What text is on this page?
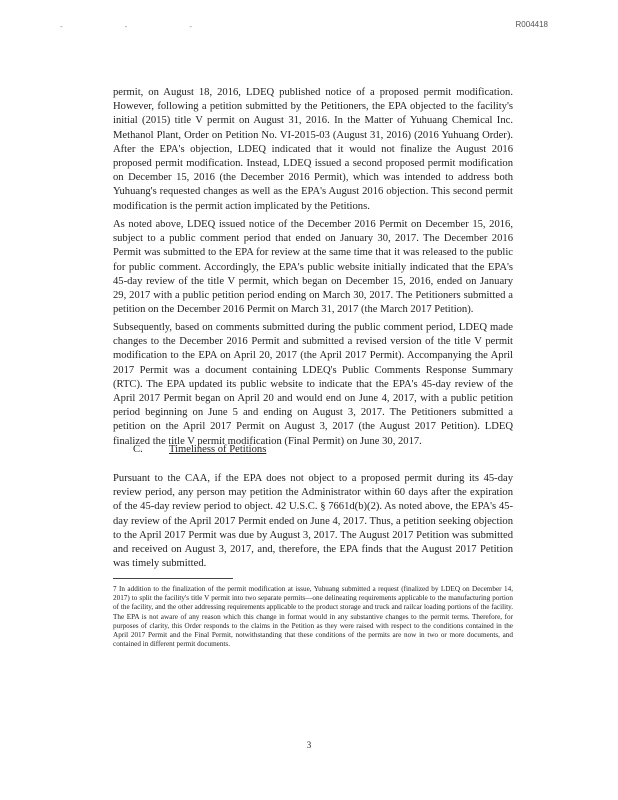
- - -	R004418

permit, on August 18, 2016, LDEQ published notice of a proposed permit modification. However, following a petition submitted by the Petitioners, the EPA objected to the facility's initial (2015) title V permit on August 31, 2016. In the Matter of Yuhuang Chemical Inc. Methanol Plant, Order on Petition No. VI-2015-03 (August 31, 2016) (2016 Yuhuang Order). After the EPA's objection, LDEQ indicated that it would not finalize the August 2016 proposed permit modification. Instead, LDEQ issued a second proposed permit modification on December 15, 2016 (the December 2016 Permit), which was intended to address both Yuhuang's requested changes as well as the EPA's August 2016 objection. This second permit modification is the permit action implicated by the Petitions.

As noted above, LDEQ issued notice of the December 2016 Permit on December 15, 2016, subject to a public comment period that ended on January 30, 2017. The December 2016 Permit was submitted to the EPA for review at the same time that it was released to the public for public comment. Accordingly, the EPA's public website initially indicated that the EPA's 45-day review of the title V permit, which began on December 15, 2016, ended on January 29, 2017 with a public petition period ending on March 30, 2017. The Petitioners submitted a petition on the December 2016 Permit on March 31, 2017 (the March 2017 Petition).

Subsequently, based on comments submitted during the public comment period, LDEQ made changes to the December 2016 Permit and submitted a revised version of the title V permit modification to the EPA on April 20, 2017 (the April 2017 Permit). Accompanying the April 2017 Permit was a document containing LDEQ's Public Comments Response Summary (RTC). The EPA updated its public website to indicate that the EPA's 45-day review of the April 2017 Permit began on April 20 and would end on June 4, 2017, with a public petition period beginning on June 5 and ending on August 3, 2017. The Petitioners submitted a petition on the April 2017 Permit on August 3, 2017 (the August 2017 Petition). LDEQ finalized the title V permit modification (Final Permit) on June 30, 2017.

C. Timeliness of Petitions

Pursuant to the CAA, if the EPA does not object to a proposed permit during its 45-day review period, any person may petition the Administrator within 60 days after the expiration of the 45-day review period to object. 42 U.S.C. § 7661d(b)(2). As noted above, the EPA's 45-day review of the April 2017 Permit ended on June 4, 2017. Thus, a petition seeking objection to the April 2017 Permit was due by August 3, 2017. The August 2017 Petition was submitted and received on August 3, 2017, and, therefore, the EPA finds that the August 2017 Petition was timely submitted.

7 In addition to the finalization of the permit modification at issue, Yuhuang submitted a request (finalized by LDEQ on December 14, 2017) to split the facility's title V permit into two separate permits—one delineating requirements applicable to the manufacturing portion of the facility, and the other addressing requirements applicable to the product storage and truck and railcar loading portions of the facility. The EPA is not aware of any reason which this change in format would in any substantive changes to the permit terms. Therefore, for purposes of clarity, this Order responds to the claims in the Petition as they were raised with respect to the conditions contained in the April 2017 Permit and the Final Permit, notwithstanding that these conditions of the permits are now in two or more documents, and contained in different permit documents.
3
